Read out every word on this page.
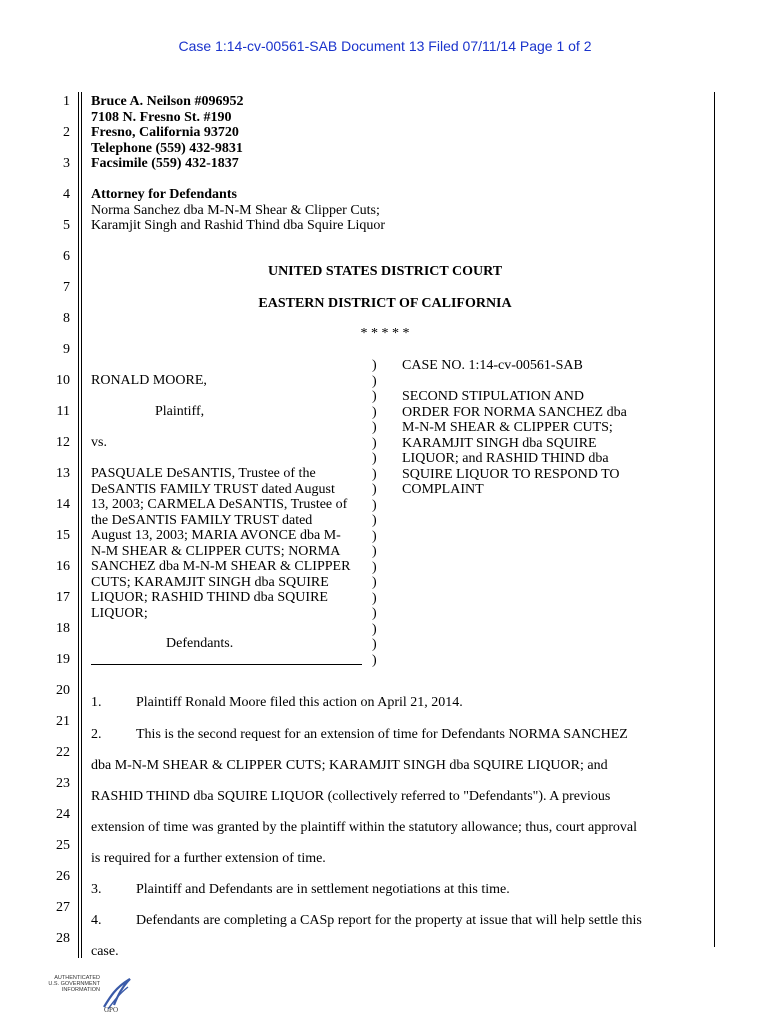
Case 1:14-cv-00561-SAB Document 13 Filed 07/11/14 Page 1 of 2
1
2
3
4
5
6
7
8
9
10
11
12
13
14
15
16
17
18
19
20
21
22
23
24
25
26
27
28
Bruce A. Neilson #096952
7108 N. Fresno St. #190
Fresno, California 93720
Telephone (559) 432-9831
Facsimile (559) 432-1837
Attorney for Defendants
Norma Sanchez dba M-N-M Shear & Clipper Cuts;
Karamjit Singh and Rashid Thind dba Squire Liquor
UNITED STATES DISTRICT COURT
EASTERN DISTRICT OF CALIFORNIA
* * * * *
RONALD MOORE,
Plaintiff,
vs.
PASQUALE DeSANTIS, Trustee of the
DeSANTIS FAMILY TRUST dated August
13, 2003; CARMELA DeSANTIS, Trustee of
the DeSANTIS FAMILY TRUST dated
August 13, 2003; MARIA AVONCE dba M-
N-M SHEAR & CLIPPER CUTS; NORMA
SANCHEZ dba M-N-M SHEAR & CLIPPER
CUTS; KARAMJIT SINGH dba SQUIRE
LIQUOR; RASHID THIND dba SQUIRE
LIQUOR;
Defendants.
)
)
)
)
)
)
)
)
)
)
)
)
)
)
)
)
)
)
)
)
CASE NO. 1:14-cv-00561-SAB
SECOND STIPULATION AND
ORDER FOR NORMA SANCHEZ dba
M-N-M SHEAR & CLIPPER CUTS;
KARAMJIT SINGH dba SQUIRE
LIQUOR; and RASHID THIND dba
SQUIRE LIQUOR TO RESPOND TO
COMPLAINT
1. Plaintiff Ronald Moore filed this action on April 21, 2014.
2. This is the second request for an extension of time for Defendants NORMA SANCHEZ
dba M-N-M SHEAR & CLIPPER CUTS; KARAMJIT SINGH dba SQUIRE LIQUOR; and
RASHID THIND dba SQUIRE LIQUOR (collectively referred to "Defendants"). A previous
extension of time was granted by the plaintiff within the statutory allowance; thus, court approval
is required for a further extension of time.
3. Plaintiff and Defendants are in settlement negotiations at this time.
4. Defendants are completing a CASp report for the property at issue that will help settle this
case.
AUTHENTICATED
U.S. GOVERNMENT
INFORMATION
GPO
